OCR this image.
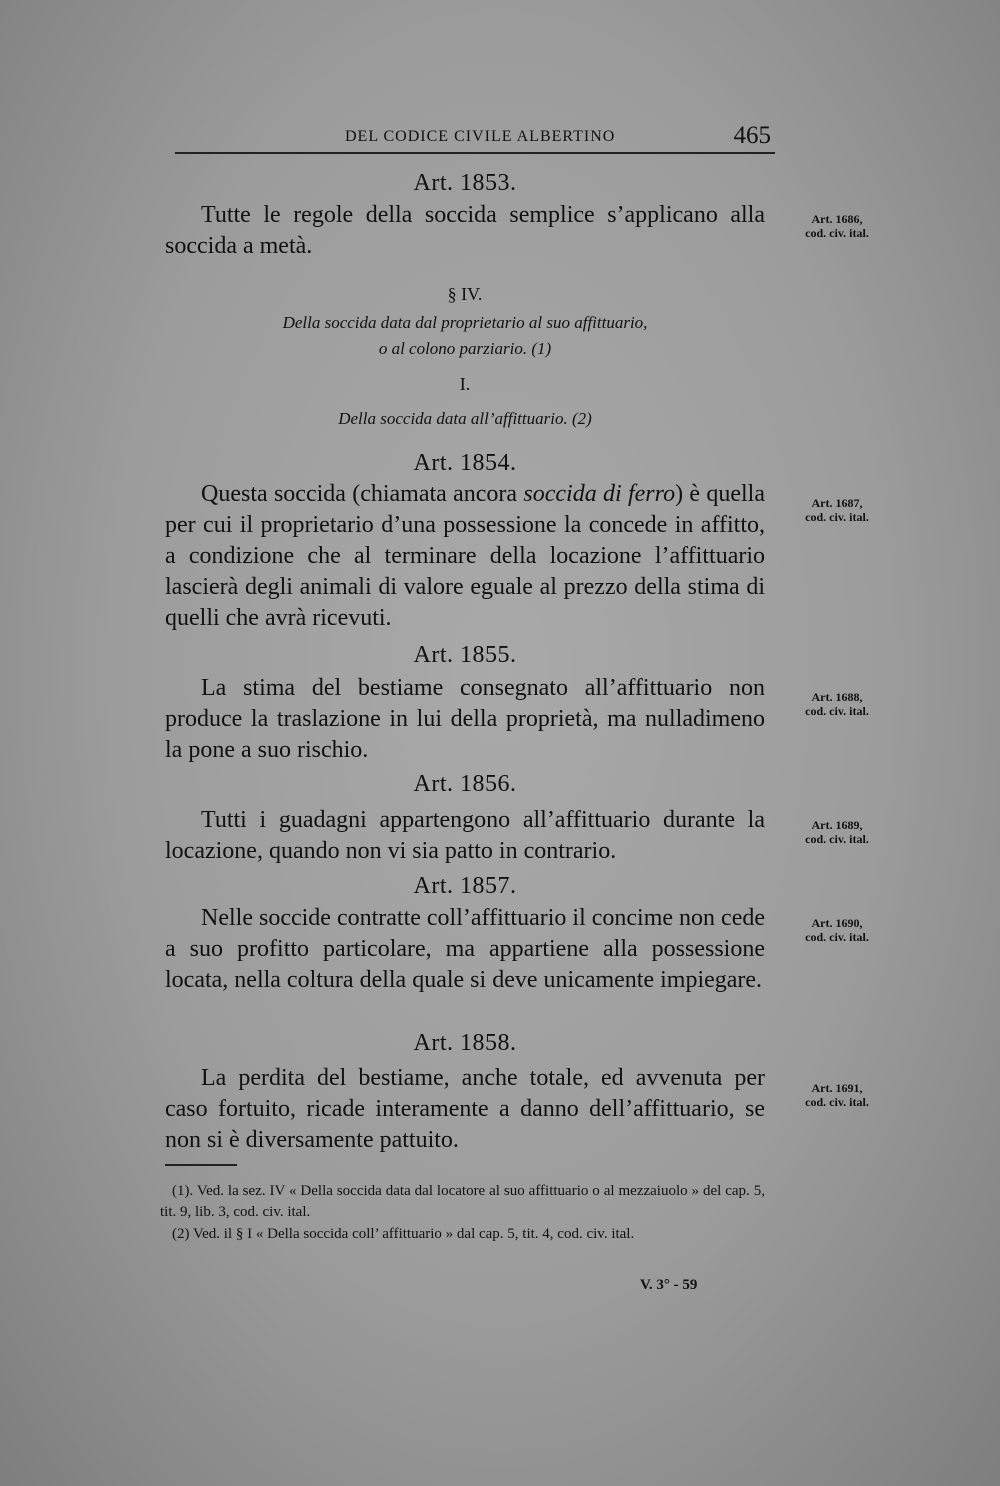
DEL CODICE CIVILE ALBERTINO	465
Art. 1853.
Tutte le regole della soccida semplice s’applicano alla soccida a metà.
Art. 1686,
cod. civ. ital.
§ IV.
Della soccida data dal proprietario al suo affittuario,
o al colono parziario. (1)
I.
Della soccida data all’affittuario. (2)
Art. 1854.
Questa soccida (chiamata ancora soccida di ferro) è quella per cui il proprietario d’una possessione la concede in affitto, a condizione che al terminare della locazione l’affittuario lascierà degli animali di valore eguale al prezzo della stima di quelli che avrà ricevuti.
Art. 1687,
cod. civ. ital.
Art. 1855.
La stima del bestiame consegnato all’affittuario non produce la traslazione in lui della proprietà, ma nulladimeno la pone a suo rischio.
Art. 1688,
cod. civ. ital.
Art. 1856.
Tutti i guadagni appartengono all’affittuario durante la locazione, quando non vi sia patto in contrario.
Art. 1689,
cod. civ. ital.
Art. 1857.
Nelle soccide contratte coll’affittuario il concime non cede a suo profitto particolare, ma appartiene alla possessione locata, nella coltura della quale si deve unicamente impiegare.
Art. 1690,
cod. civ. ital.
Art. 1858.
La perdita del bestiame, anche totale, ed avvenuta per caso fortuito, ricade interamente a danno dell’affittuario, se non si è diversamente pattuito.
Art. 1691,
cod. civ. ital.
(1). Ved. la sez. IV « Della soccida data dal locatore al suo affittuario o al mezzaiuolo » del cap. 5, tit. 9, lib. 3, cod. civ. ital.
(2) Ved. il § I « Della soccida coll’ affittuario » dal cap. 5, tit. 4, cod. civ. ital.
V. 3° - 59
